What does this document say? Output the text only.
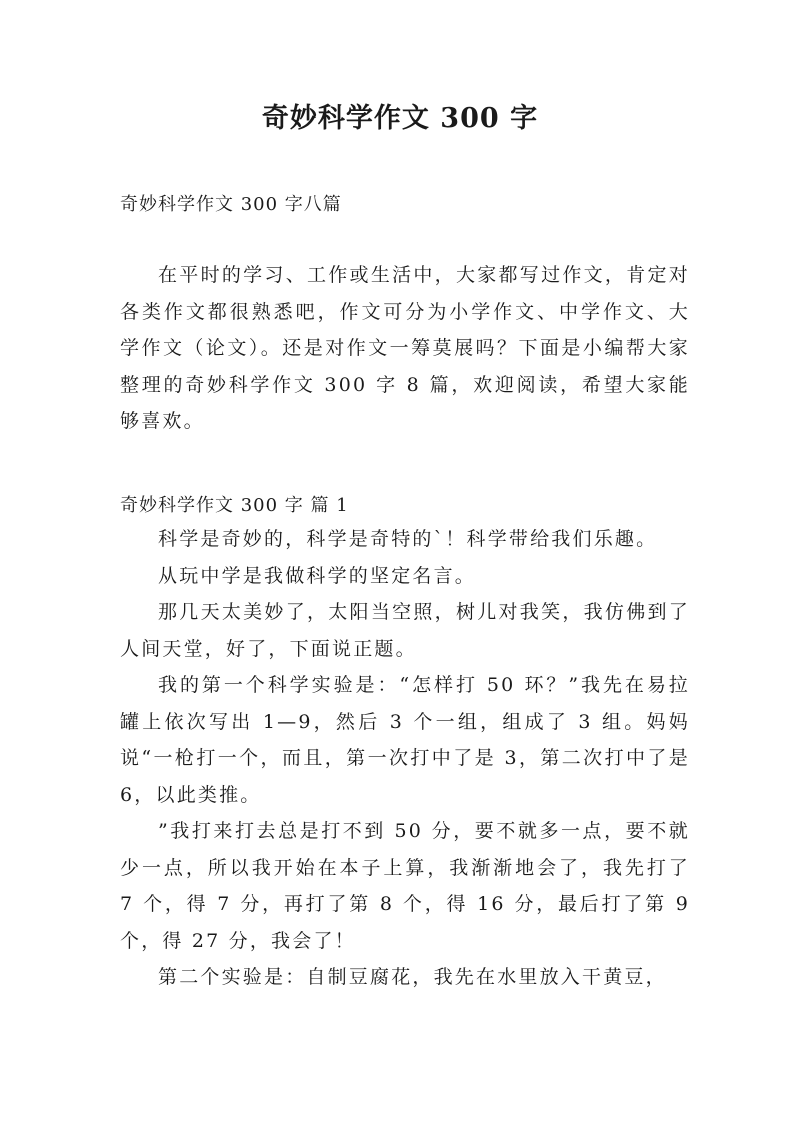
奇妙科学作文 300 字
奇妙科学作文 300 字八篇

在平时的学习、工作或生活中，大家都写过作文，肯定对各类作文都很熟悉吧，作文可分为小学作文、中学作文、大学作文（论文）。还是对作文一筹莫展吗？下面是小编帮大家整理的奇妙科学作文 300 字 8 篇，欢迎阅读，希望大家能够喜欢。

奇妙科学作文 300 字 篇 1

科学是奇妙的，科学是奇特的`！科学带给我们乐趣。

从玩中学是我做科学的坚定名言。

那几天太美妙了，太阳当空照，树儿对我笑，我仿佛到了人间天堂，好了，下面说正题。

我的第一个科学实验是：“怎样打 50 环？”我先在易拉罐上依次写出 1—9，然后 3 个一组，组成了 3 组。妈妈说“一枪打一个，而且，第一次打中了是 3，第二次打中了是 6，以此类推。

”我打来打去总是打不到 50 分，要不就多一点，要不就少一点，所以我开始在本子上算，我渐渐地会了，我先打了 7 个，得 7 分，再打了第 8 个，得 16 分，最后打了第 9 个，得 27 分，我会了！

第二个实验是：自制豆腐花，我先在水里放入干黄豆，
